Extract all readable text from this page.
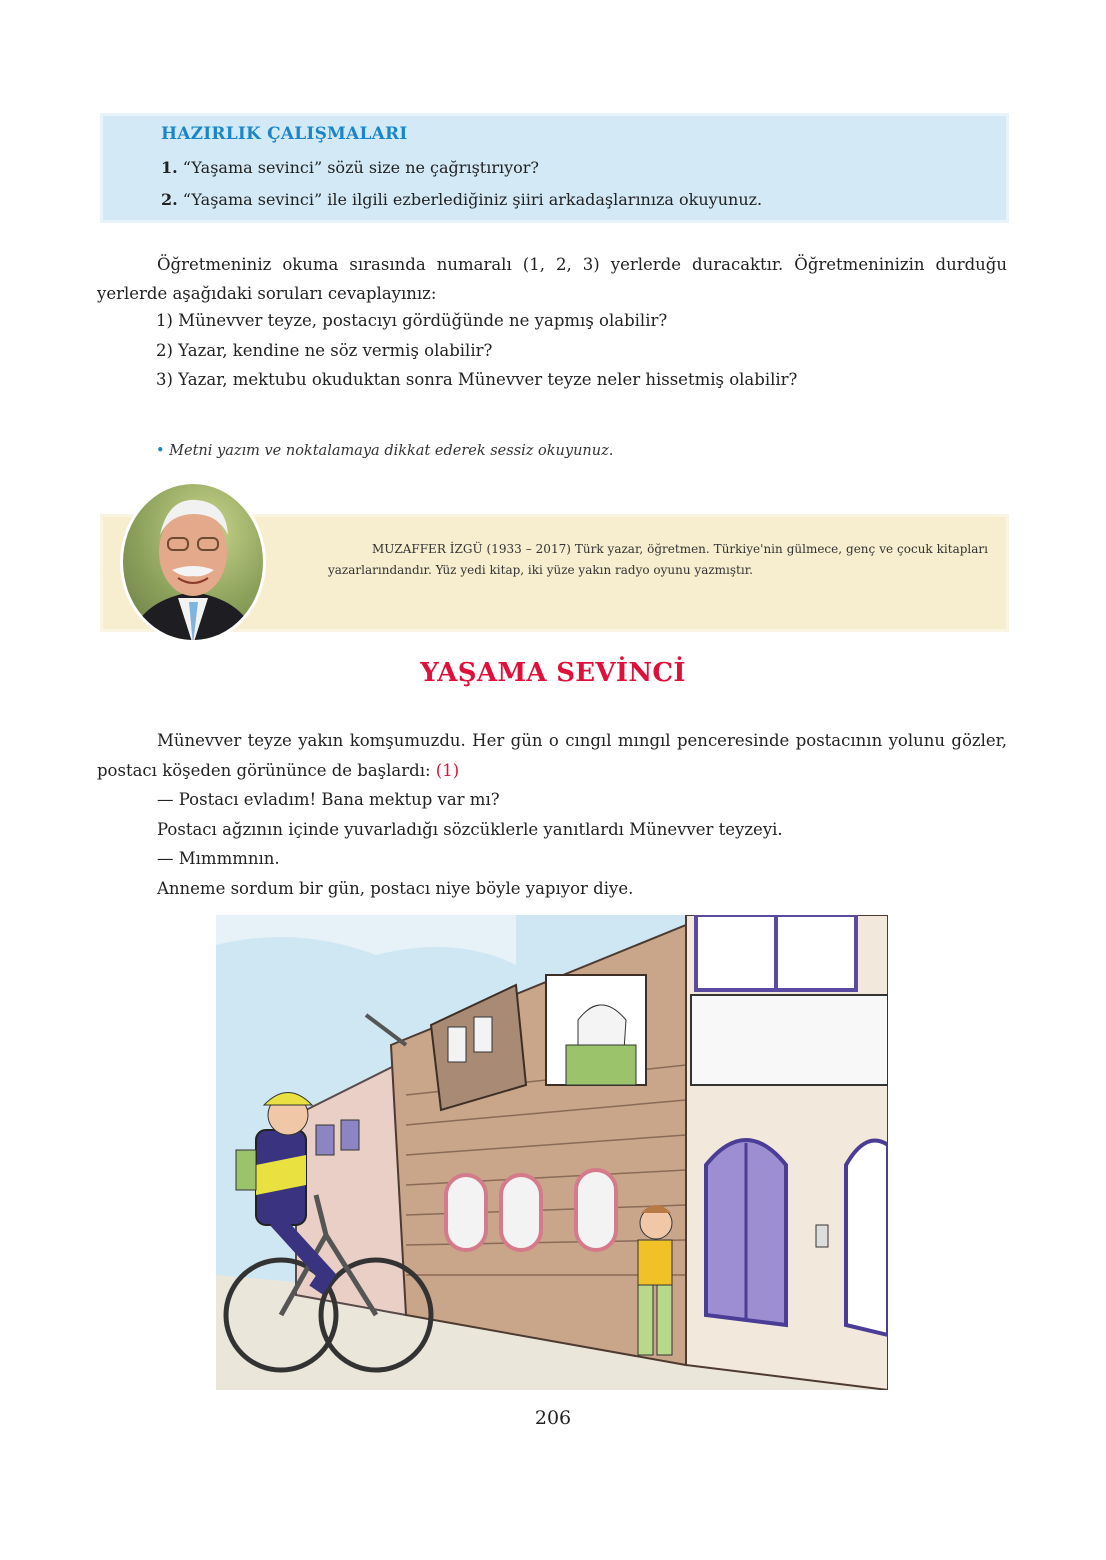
HAZIRLIK ÇALIŞMALARI
1. “Yaşama sevinci” sözü size ne çağrıştırıyor?
2. “Yaşama sevinci” ile ilgili ezberlediğiniz şiiri arkadaşlarınıza okuyunuz.

Öğretmeniniz okuma sırasında numaralı (1, 2, 3) yerlerde duracaktır. Öğretmeninizin durduğu yerlerde aşağıdaki soruları cevaplayınız:

1) Münevver teyze, postacıyı gördüğünde ne yapmış olabilir?
2) Yazar, kendine ne söz vermiş olabilir?
3) Yazar, mektubu okuduktan sonra Münevver teyze neler hissetmiş olabilir?
• Metni yazım ve noktalamaya dikkat ederek sessiz okuyunuz.
MUZAFFER İZGÜ (1933 – 2017) Türk yazar, öğretmen. Türkiye'nin gülmece, genç ve çocuk kitapları yazarlarındandır. Yüz yedi kitap, iki yüze yakın radyo oyunu yazmıştır.
YAŞAMA SEVİNCİ

Münevver teyze yakın komşumuzdu. Her gün o cıngıl mıngıl penceresinde postacının yolunu gözler, postacı köşeden görününce de başlardı: (1)

— Postacı evladım! Bana mektup var mı?

Postacı ağzının içinde yuvarladığı sözcüklerle yanıtlardı Münevver teyzeyi.

— Mımmmnın.

Anneme sordum bir gün, postacı niye böyle yapıyor diye.

206
